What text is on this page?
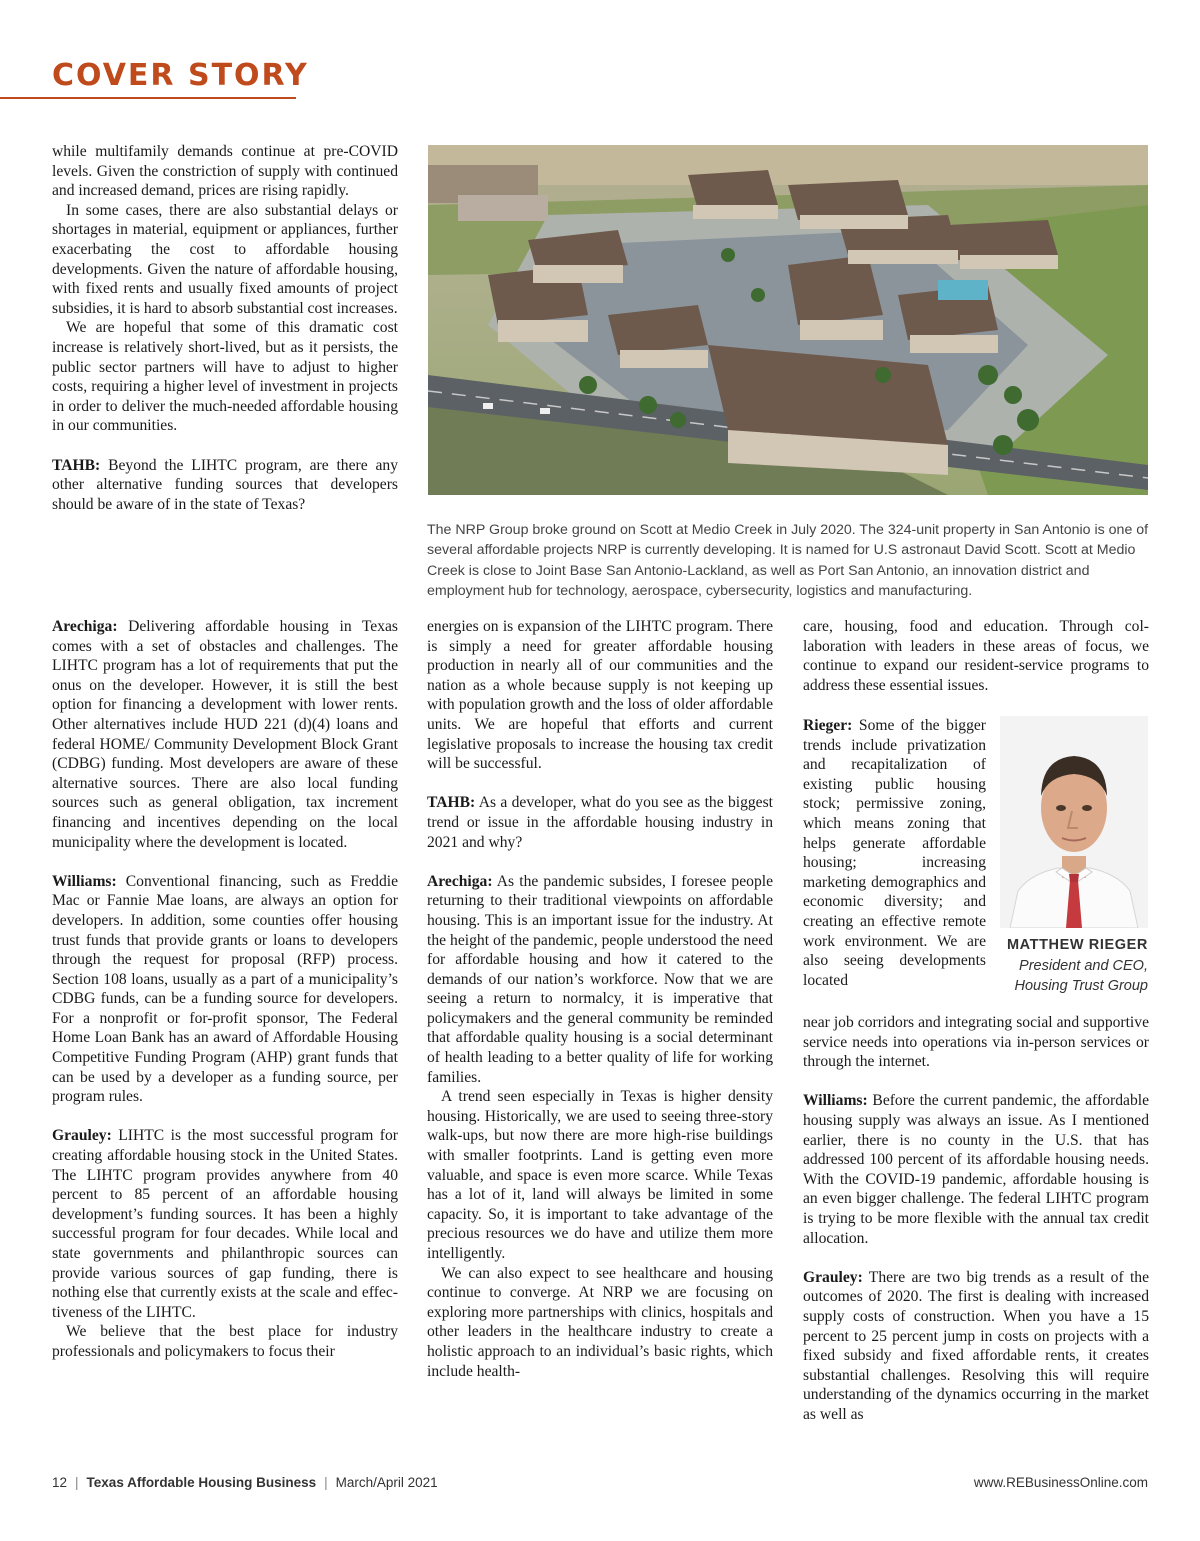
COVER STORY

while multifamily demands continue at pre-COVID levels. Given the constriction of supply with continued and increased demand, prices are rising rapidly.

In some cases, there are also substantial delays or shortages in material, equipment or appliances, further exacerbating the cost to affordable housing developments. Given the nature of affordable housing, with fixed rents and usually fixed amounts of project subsidies, it is hard to absorb substantial cost increases.

We are hopeful that some of this dramatic cost increase is relatively short-lived, but as it persists, the public sector partners will have to adjust to higher costs, requiring a higher level of investment in projects in order to deliver the much-needed affordable housing in our communities.

TAHB: Beyond the LIHTC program, are there any other alternative funding sources that developers should be aware of in the state of Texas?

The NRP Group broke ground on Scott at Medio Creek in July 2020. The 324-unit property in San Antonio is one of several affordable projects NRP is currently developing. It is named for U.S astronaut David Scott. Scott at Medio Creek is close to Joint Base San Antonio-Lackland, as well as Port San Antonio, an innovation district and employment hub for technology, aerospace, cybersecurity, logistics and manufacturing.

Arechiga: Delivering affordable housing in Texas comes with a set of obstacles and challenges. The LIHTC program has a lot of requirements that put the onus on the developer. However, it is still the best option for financing a development with lower rents. Other alternatives include HUD 221 (d)(4) loans and federal HOME/ Community Development Block Grant (CDBG) funding. Most developers are aware of these alternative sources. There are also local funding sources such as general obligation, tax increment financing and incentives depending on the local municipality where the development is located.

Williams: Conventional financing, such as Freddie Mac or Fannie Mae loans, are always an option for developers. In addition, some counties offer housing trust funds that provide grants or loans to developers through the request for proposal (RFP) process. Section 108 loans, usually as a part of a municipality’s CDBG funds, can be a funding source for developers. For a nonprofit or for-profit sponsor, The Federal Home Loan Bank has an award of Affordable Housing Competitive Funding Program (AHP) grant funds that can be used by a developer as a funding source, per program rules.

Grauley: LIHTC is the most successful program for creating affordable housing stock in the United States. The LIHTC program provides anywhere from 40 percent to 85 percent of an affordable housing development’s funding sources. It has been a highly successful program for four decades. While local and state governments and philanthropic sources can provide various sources of gap funding, there is nothing else that currently exists at the scale and effectiveness of the LIHTC.

We believe that the best place for industry professionals and policymakers to focus their

energies on is expansion of the LIHTC program. There is simply a need for greater affordable housing production in nearly all of our communities and the nation as a whole because supply is not keeping up with population growth and the loss of older affordable units. We are hopeful that efforts and current legislative proposals to increase the housing tax credit will be successful.

TAHB: As a developer, what do you see as the biggest trend or issue in the affordable housing industry in 2021 and why?

Arechiga: As the pandemic subsides, I foresee people returning to their traditional viewpoints on affordable housing. This is an important issue for the industry. At the height of the pandemic, people understood the need for affordable housing and how it catered to the demands of our nation’s workforce. Now that we are seeing a return to normalcy, it is imperative that policymakers and the general community be reminded that affordable quality housing is a social determinant of health leading to a better quality of life for working families.

A trend seen especially in Texas is higher density housing. Historically, we are used to seeing three-story walk-ups, but now there are more high-rise buildings with smaller footprints. Land is getting even more valuable, and space is even more scarce. While Texas has a lot of it, land will always be limited in some capacity. So, it is important to take advantage of the precious resources we do have and utilize them more intelligently.

We can also expect to see healthcare and housing continue to converge. At NRP we are focusing on exploring more partnerships with clinics, hospitals and other leaders in the healthcare industry to create a holistic approach to an individual’s basic rights, which include health-

care, housing, food and education. Through collaboration with leaders in these areas of focus, we continue to expand our resident-service programs to address these essential issues.

Rieger: Some of the bigger trends include privatization and recapitalization of existing public housing stock; permissive zoning, which means zoning that helps generate affordable housing; increasing marketing demographics and economic diversity; and creating an effective remote work environment. We are also seeing developments located

near job corridors and integrating social and supportive service needs into operations via in-person services or through the internet.

Williams: Before the current pandemic, the affordable housing supply was always an issue. As I mentioned earlier, there is no county in the U.S. that has addressed 100 percent of its affordable housing needs. With the COVID-19 pandemic, affordable housing is an even bigger challenge. The federal LIHTC program is trying to be more flexible with the annual tax credit allocation.

Grauley: There are two big trends as a result of the outcomes of 2020. The first is dealing with increased supply costs of construction. When you have a 15 percent to 25 percent jump in costs on projects with a fixed subsidy and fixed affordable rents, it creates substantial challenges. Resolving this will require understanding of the dynamics occurring in the market as well as

MATTHEW RIEGER
President and CEO,
Housing Trust Group
12 | Texas Affordable Housing Business | March/April 2021	www.REBusinessOnline.com
